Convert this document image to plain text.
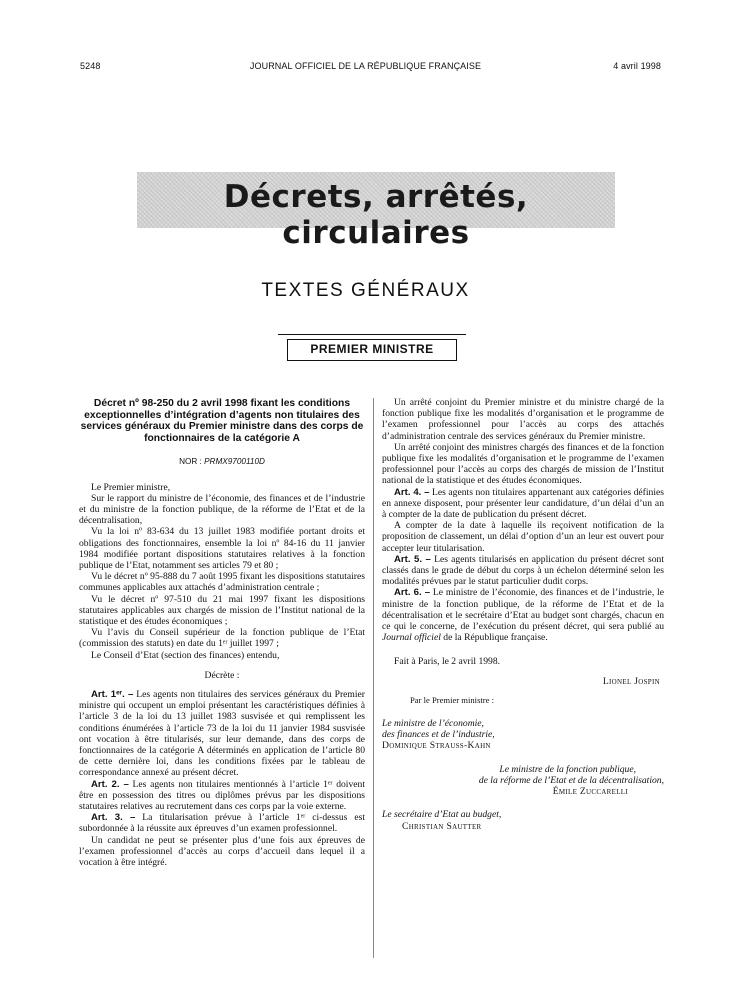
5248	JOURNAL OFFICIEL DE LA RÉPUBLIQUE FRANÇAISE	4 avril 1998
Décrets, arrêtés, circulaires
TEXTES GÉNÉRAUX
PREMIER MINISTRE
Décret nº 98-250 du 2 avril 1998 fixant les conditions exceptionnelles d’intégration d’agents non titulaires des services généraux du Premier ministre dans des corps de fonctionnaires de la catégorie A
NOR : PRMX9700110D

Le Premier ministre,

Sur le rapport du ministre de l’économie, des finances et de l’industrie et du ministre de la fonction publique, de la réforme de l’Etat et de la décentralisation,

Vu la loi nº 83-634 du 13 juillet 1983 modifiée portant droits et obligations des fonctionnaires, ensemble la loi nº 84-16 du 11 janvier 1984 modifiée portant dispositions statutaires relatives à la fonction publique de l’Etat, notamment ses articles 79 et 80 ;

Vu le décret nº 95-888 du 7 août 1995 fixant les dispositions statutaires communes applicables aux attachés d’administration centrale ;

Vu le décret nº 97-510 du 21 mai 1997 fixant les dispositions statutaires applicables aux chargés de mission de l’Institut national de la statistique et des études économiques ;

Vu l’avis du Conseil supérieur de la fonction publique de l’Etat (commission des statuts) en date du 1ᵉʳ juillet 1997 ;

Le Conseil d’Etat (section des finances) entendu,

Décrète :

Art. 1ᵉʳ. – Les agents non titulaires des services généraux du Premier ministre qui occupent un emploi présentant les caractéristiques définies à l’article 3 de la loi du 13 juillet 1983 susvisée et qui remplissent les conditions énumérées à l’article 73 de la loi du 11 janvier 1984 susvisée ont vocation à être titularisés, sur leur demande, dans des corps de fonctionnaires de la catégorie A déterminés en application de l’article 80 de cette dernière loi, dans les conditions fixées par le tableau de correspondance annexé au présent décret.

Art. 2. – Les agents non titulaires mentionnés à l’article 1ᵉʳ doivent être en possession des titres ou diplômes prévus par les dispositions statutaires relatives au recrutement dans ces corps par la voie externe.

Art. 3. – La titularisation prévue à l’article 1ᵉʳ ci-dessus est subordonnée à la réussite aux épreuves d’un examen professionnel.

Un candidat ne peut se présenter plus d’une fois aux épreuves de l’examen professionnel d’accès au corps d’accueil dans lequel il a vocation à être intégré.

Un arrêté conjoint du Premier ministre et du ministre chargé de la fonction publique fixe les modalités d’organisation et le programme de l’examen professionnel pour l’accès au corps des attachés d’administration centrale des services généraux du Premier ministre.

Un arrêté conjoint des ministres chargés des finances et de la fonction publique fixe les modalités d’organisation et le programme de l’examen professionnel pour l’accès au corps des chargés de mission de l’Institut national de la statistique et des études économiques.

Art. 4. – Les agents non titulaires appartenant aux catégories définies en annexe disposent, pour présenter leur candidature, d’un délai d’un an à compter de la date de publication du présent décret.

A compter de la date à laquelle ils reçoivent notification de la proposition de classement, un délai d’option d’un an leur est ouvert pour accepter leur titularisation.

Art. 5. – Les agents titularisés en application du présent décret sont classés dans le grade de début du corps à un échelon déterminé selon les modalités prévues par le statut particulier dudit corps.

Art. 6. – Le ministre de l’économie, des finances et de l’industrie, le ministre de la fonction publique, de la réforme de l’Etat et de la décentralisation et le secrétaire d’Etat au budget sont chargés, chacun en ce qui le concerne, de l’exécution du présent décret, qui sera publié au Journal officiel de la République française.

Fait à Paris, le 2 avril 1998.

Lionel Jospin
Par le Premier ministre :
Le ministre de l’économie,
des finances et de l’industrie,
Dominique Strauss-Kahn
Le ministre de la fonction publique,
de la réforme de l’Etat et de la décentralisation,
Émile Zuccarelli
Le secrétaire d’Etat au budget,
Christian Sautter
